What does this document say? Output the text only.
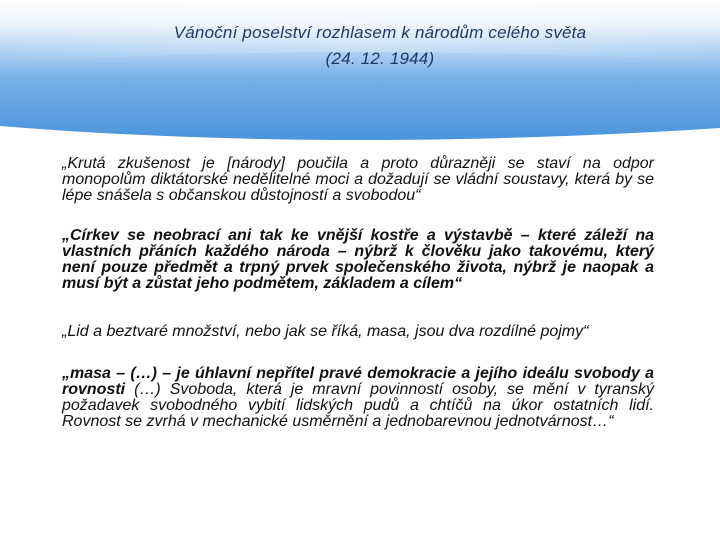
Vánoční poselství rozhlasem k národům celého světa
(24. 12. 1944)

„Krutá zkušenost je [národy] poučila a proto důrazněji se staví na odpor monopolům diktátorské nedělitelné moci a dožadují se vládní soustavy, která by se lépe snášela s občanskou důstojností a svobodou“

„Církev se neobrací ani tak ke vnější kostře a výstavbě – které záleží na vlastních přáních každého národa – nýbrž k člověku jako takovému, který není pouze předmět a trpný prvek společenského života, nýbrž je naopak a musí být a zůstat jeho podmětem, základem a cílem“

„Lid a beztvaré množství, nebo jak se říká, masa, jsou dva rozdílné pojmy“

„masa – (…) – je úhlavní nepřítel pravé demokracie a jejího ideálu svobody a rovnosti (…) Svoboda, která je mravní povinností osoby, se mění v tyranský požadavek svobodného vybití lidských pudů a chtíčů na úkor ostatních lidí. Rovnost se zvrhá v mechanické usměrnění a jednobarevnou jednotvárnost…“
